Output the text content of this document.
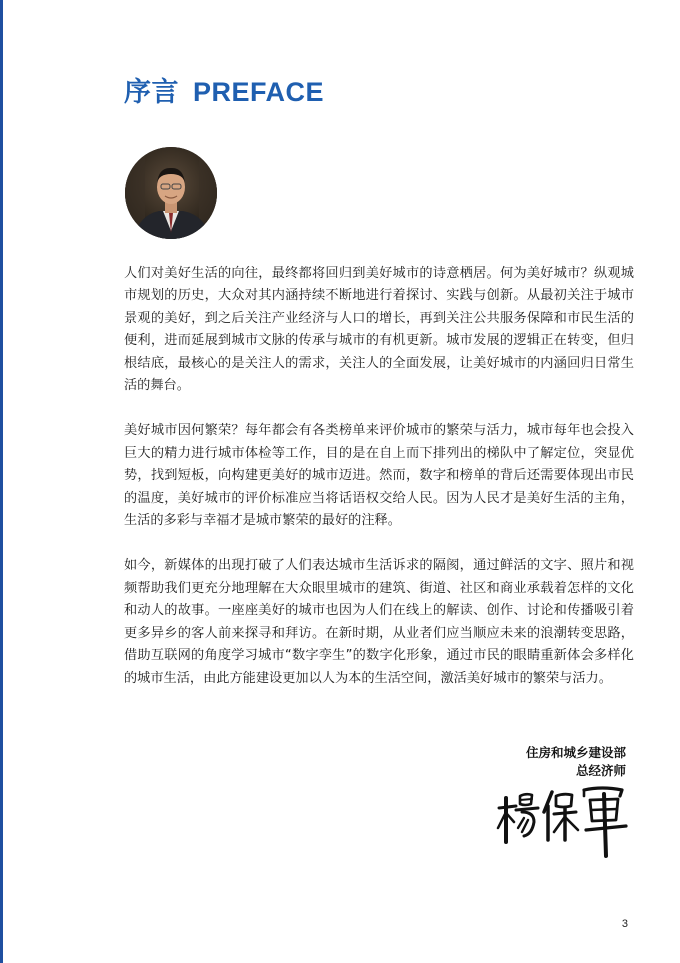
序言 PREFACE

人们对美好生活的向往，最终都将回归到美好城市的诗意栖居。何为美好城市？纵观城市规划的历史，大众对其内涵持续不断地进行着探讨、实践与创新。从最初关注于城市景观的美好，到之后关注产业经济与人口的增长，再到关注公共服务保障和市民生活的便利，进而延展到城市文脉的传承与城市的有机更新。城市发展的逻辑正在转变，但归根结底，最核心的是关注人的需求，关注人的全面发展，让美好城市的内涵回归日常生活的舞台。

美好城市因何繁荣？每年都会有各类榜单来评价城市的繁荣与活力，城市每年也会投入巨大的精力进行城市体检等工作，目的是在自上而下排列出的梯队中了解定位，突显优势，找到短板，向构建更美好的城市迈进。然而，数字和榜单的背后还需要体现出市民的温度，美好城市的评价标准应当将话语权交给人民。因为人民才是美好生活的主角，生活的多彩与幸福才是城市繁荣的最好的注释。

如今，新媒体的出现打破了人们表达城市生活诉求的隔阂，通过鲜活的文字、照片和视频帮助我们更充分地理解在大众眼里城市的建筑、街道、社区和商业承载着怎样的文化和动人的故事。一座座美好的城市也因为人们在线上的解读、创作、讨论和传播吸引着更多异乡的客人前来探寻和拜访。在新时期，从业者们应当顺应未来的浪潮转变思路，借助互联网的角度学习城市“数字孪生”的数字化形象，通过市民的眼睛重新体会多样化的城市生活，由此方能建设更加以人为本的生活空间，激活美好城市的繁荣与活力。

住房和城乡建设部
总经济师
3
